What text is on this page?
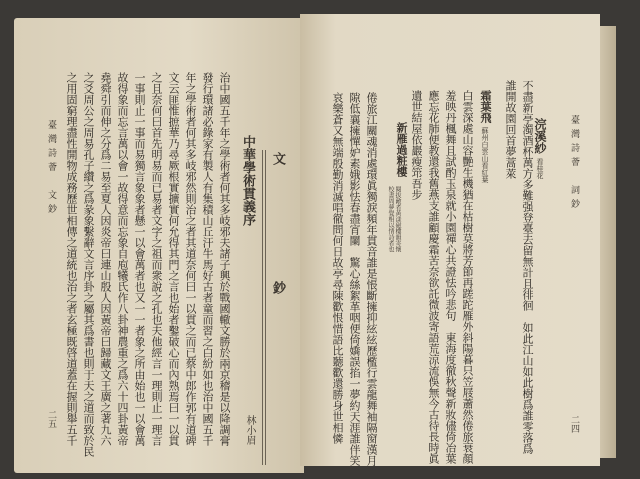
文　　鈔
中華學術貫義序
林小眉
治中國五千年之學術者何其多岐邪夫諸子興於戰國轍文勝於兩京稽是以降調膏
發行環諸必錄家有製人有集積山丘汗牛馬好古者童而習之白紛如也治中國五千
年之學術者何其多岐邪然則治之者其道奈何曰一以貫之而已蔡中郎作郭有道碑
文云匪惟摭華乃尋厥根實擴實何允得其門之言也始者鑿破心而內熟焉曰一以貫
之且奈何曰首先明易而已易者文字之祖而衆說之孔也夫他經言一理則止一理言
一事則止一事而易獨言象象者懸一以會萬者也又一一者象之所由始也一以會萬
故得象而忘言萬以會一故得意而忘象自庖犧氏作八卦神農重之爲六十四卦黃帝
堯舜引而伸之分爲二易至夏人因炎帝曰連山殷人因黃帝曰歸藏文王廣之著九六
之爻周公之周易孔子纘之爲彖象繫辭文言序卦之屬其爲書也則于天之道而致於民
之用固窮理盡性開物成務歷世相傳之道統也治之者玄極既啓道蓋在握則舉五千
臺灣詩薈　文鈔
二五
臺灣詩薈　詞鈔
二四
浣溪紗
看桂花
不盡新亭濁酒杯萬方多難强登臺去留無計且徘徊　如此江山如此樹爲誰零落爲
誰開故園回首夢蒿萊
霜葉飛
蘇州白雲山看紅葉
白雲深處山容艷生機猶在枯樹莫將芳節再蹉跎雁外斜陽暮只笠屐蕭然倦旅衰顏
羞映丹楓舞且試酌玉泉就小園禪心共證怯吟悲句　東海度徹秋聲新妝儘倚冶葉
應忘花肺便教還我舊燕支誰顧慶霜苦奈欲託微波寄語荒涼流俁無今古待長時眞
遺世結屋依巖瘦筇吾步
新雁過粧樓
閱拔敵者黃漾磁樓韻寄懷
校書周夢覺相以情詩者也
倦旅江關魂消處環眞獨淚頻年貫音誰是悵斷擁抑絃絃歷檻行雲龍舞袖隔窗漢月
隙低襄擁憚妒素娥影怯春盡宵闌　驚心絲絮革咽便倚嬌誤掐一夢約天涯誰伴笑
哀樂蒼又無端殷勤消滅唱徹問何日故亭尋陳歡恨惜語比聽歡還勝身世相憐
